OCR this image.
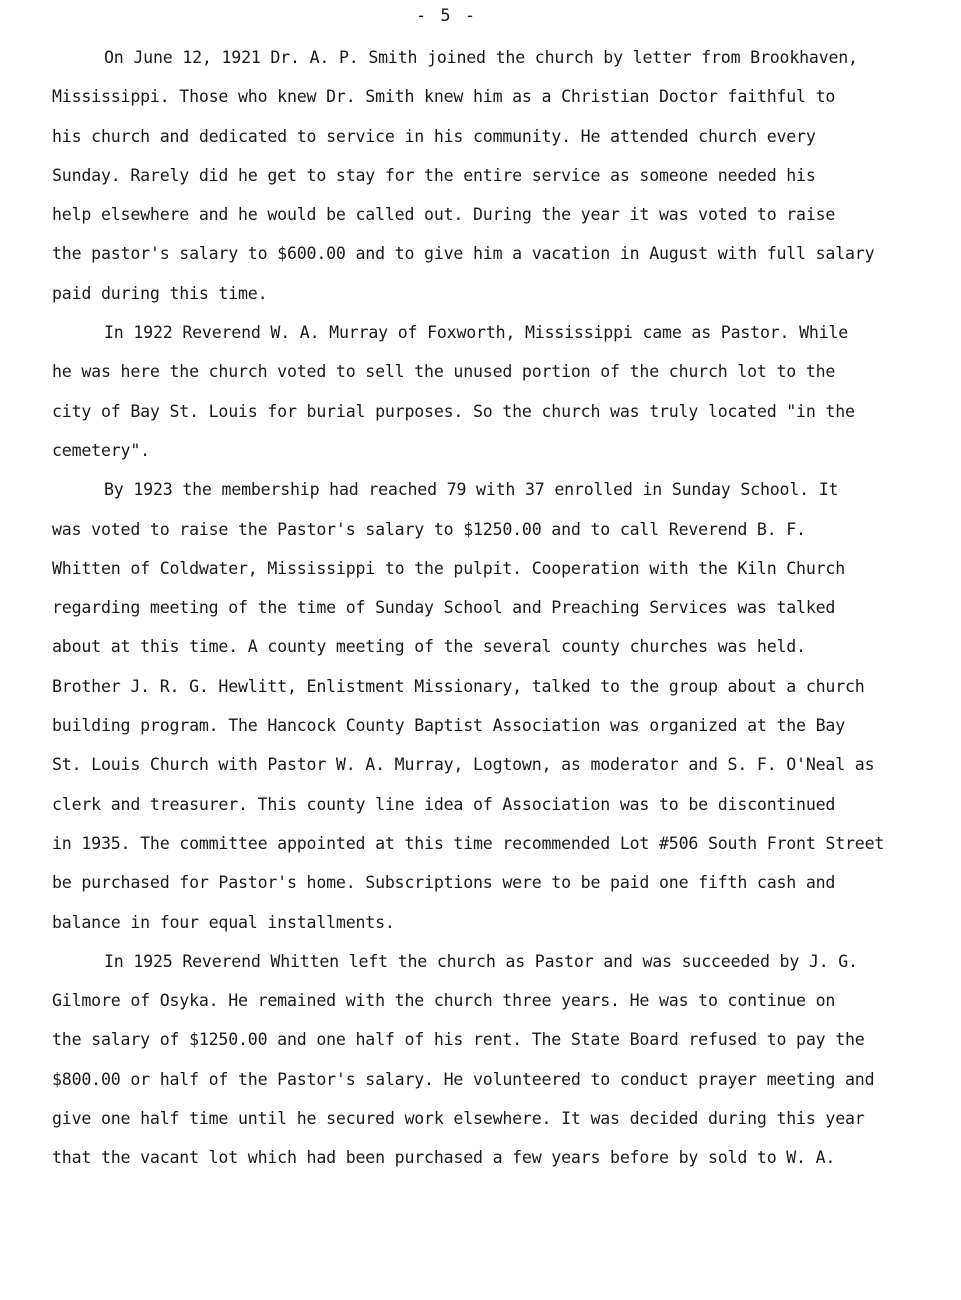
- 5 -
On June 12, 1921 Dr. A. P. Smith joined the church by letter from Brookhaven,
Mississippi. Those who knew Dr. Smith knew him as a Christian Doctor faithful to
his church and dedicated to service in his community. He attended church every
Sunday. Rarely did he get to stay for the entire service as someone needed his
help elsewhere and he would be called out. During the year it was voted to raise
the pastor's salary to $600.00 and to give him a vacation in August with full salary
paid during this time.
In 1922 Reverend W. A. Murray of Foxworth, Mississippi came as Pastor. While
he was here the church voted to sell the unused portion of the church lot to the
city of Bay St. Louis for burial purposes. So the church was truly located "in the
cemetery".
By 1923 the membership had reached 79 with 37 enrolled in Sunday School. It
was voted to raise the Pastor's salary to $1250.00 and to call Reverend B. F.
Whitten of Coldwater, Mississippi to the pulpit. Cooperation with the Kiln Church
regarding meeting of the time of Sunday School and Preaching Services was talked
about at this time. A county meeting of the several county churches was held.
Brother J. R. G. Hewlitt, Enlistment Missionary, talked to the group about a church
building program. The Hancock County Baptist Association was organized at the Bay
St. Louis Church with Pastor W. A. Murray, Logtown, as moderator and S. F. O'Neal as
clerk and treasurer. This county line idea of Association was to be discontinued
in 1935. The committee appointed at this time recommended Lot #506 South Front Street
be purchased for Pastor's home. Subscriptions were to be paid one fifth cash and
balance in four equal installments.
In 1925 Reverend Whitten left the church as Pastor and was succeeded by J. G.
Gilmore of Osyka. He remained with the church three years. He was to continue on
the salary of $1250.00 and one half of his rent. The State Board refused to pay the
$800.00 or half of the Pastor's salary. He volunteered to conduct prayer meeting and
give one half time until he secured work elsewhere. It was decided during this year
that the vacant lot which had been purchased a few years before by sold to W. A.
